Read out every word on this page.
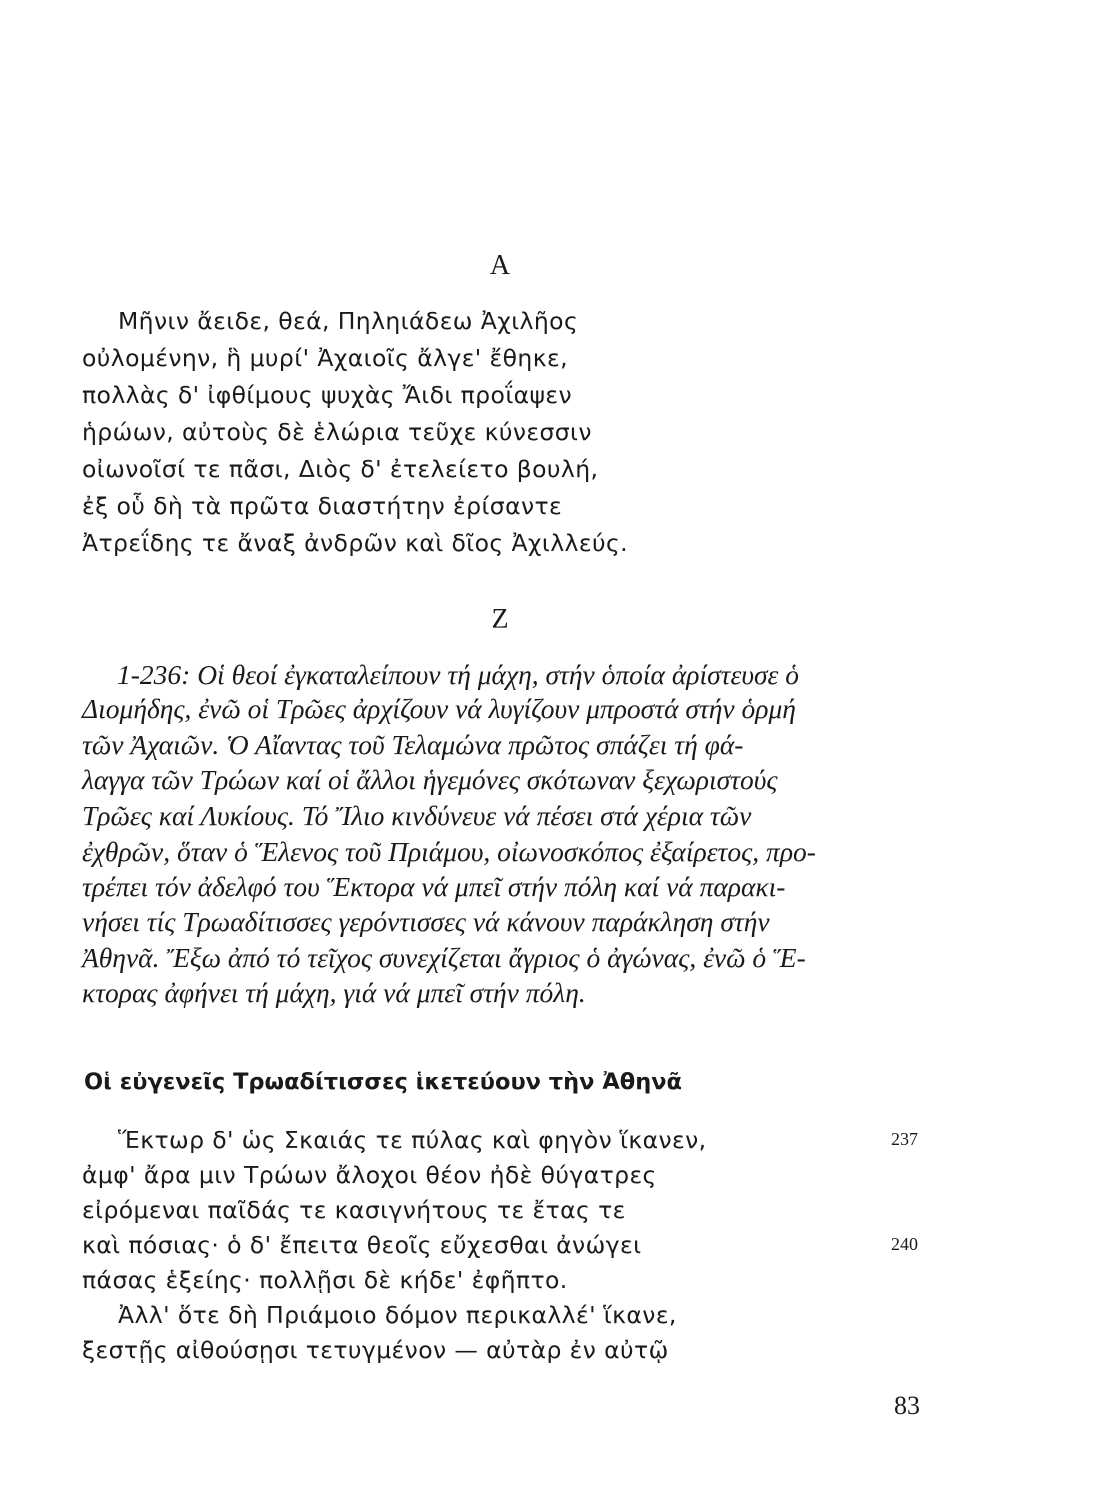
Α
Μῆνιν ἄειδε, θεά, Πηληιάδεω Ἀχιλῆος
οὐλομένην, ἣ μυρί' Ἀχαιοῖς ἄλγε' ἔθηκε,
πολλὰς δ' ἰφθίμους ψυχὰς Ἄιδι προΐαψεν
ἡρώων, αὐτοὺς δὲ ἑλώρια τεῦχε κύνεσσιν
οἰωνοῖσί τε πᾶσι, Διὸς δ' ἐτελείετο βουλή,
ἐξ οὗ δὴ τὰ πρῶτα διαστήτην ἐρίσαντε
Ἀτρεΐδης τε ἄναξ ἀνδρῶν καὶ δῖος Ἀχιλλεύς.
Ζ
1-236: Οἱ θεοί ἐγκαταλείπουν τή μάχη, στήν ὁποία ἀρίστευσε ὁ
Διομήδης, ἐνῶ οἱ Τρῶες ἀρχίζουν νά λυγίζουν μπροστά στήν ὁρμή
τῶν Ἀχαιῶν. Ὁ Αἴαντας τοῦ Τελαμώνα πρῶτος σπάζει τή φά-
λαγγα τῶν Τρώων καί οἱ ἄλλοι ἡγεμόνες σκότωναν ξεχωριστούς
Τρῶες καί Λυκίους. Τό Ἴλιο κινδύνευε νά πέσει στά χέρια τῶν
ἐχθρῶν, ὅταν ὁ Ἕλενος τοῦ Πριάμου, οἰωνοσκόπος ἐξαίρετος, προ-
τρέπει τόν ἀδελφό του Ἕκτορα νά μπεῖ στήν πόλη καί νά παρακι-
νήσει τίς Τρωαδίτισσες γερόντισσες νά κάνουν παράκληση στήν
Ἀθηνᾶ. Ἔξω ἀπό τό τεῖχος συνεχίζεται ἄγριος ὁ ἀγώνας, ἐνῶ ὁ Ἕ-
κτορας ἀφήνει τή μάχη, γιά νά μπεῖ στήν πόλη.
Οἱ εὐγενεῖς Τρωαδίτισσες ἱκετεύουν τὴν Ἀθηνᾶ
Ἕκτωρ δ' ὡς Σκαιάς τε πύλας καὶ φηγὸν ἵκανεν,
ἀμφ' ἄρα μιν Τρώων ἄλοχοι θέον ἠδὲ θύγατρες
εἰρόμεναι παῖδάς τε κασιγνήτους τε ἔτας τε
καὶ πόσιας· ὁ δ' ἔπειτα θεοῖς εὔχεσθαι ἀνώγει
πάσας ἑξείης· πολλῇσι δὲ κήδε' ἐφῆπτο.
Ἀλλ' ὅτε δὴ Πριάμοιο δόμον περικαλλέ' ἵκανε,
ξεστῇς αἰθούσῃσι τετυγμένον — αὐτὰρ ἐν αὐτῷ
237
240
83
